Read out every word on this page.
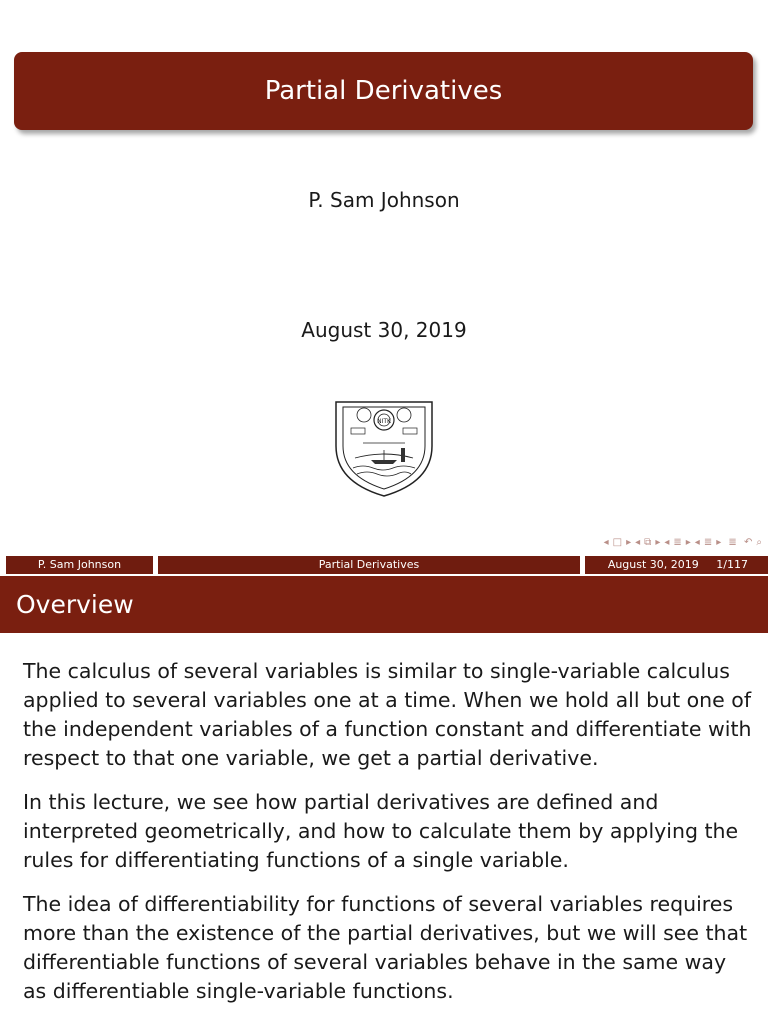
Partial Derivatives
P. Sam Johnson
August 30, 2019
NITK
◂ □ ▸ ◂ ⧉ ▸ ◂ ≣ ▸ ◂ ≣ ▸ ≣ ↶ ⌕
P. Sam Johnson	Partial Derivatives	August 30, 2019 1/117
Overview

The calculus of several variables is similar to single-variable calculus applied to several variables one at a time. When we hold all but one of the independent variables of a function constant and differentiate with respect to that one variable, we get a partial derivative.

In this lecture, we see how partial derivatives are defined and interpreted geometrically, and how to calculate them by applying the rules for differentiating functions of a single variable.

The idea of differentiability for functions of several variables requires more than the existence of the partial derivatives, but we will see that differentiable functions of several variables behave in the same way as differentiable single-variable functions.
